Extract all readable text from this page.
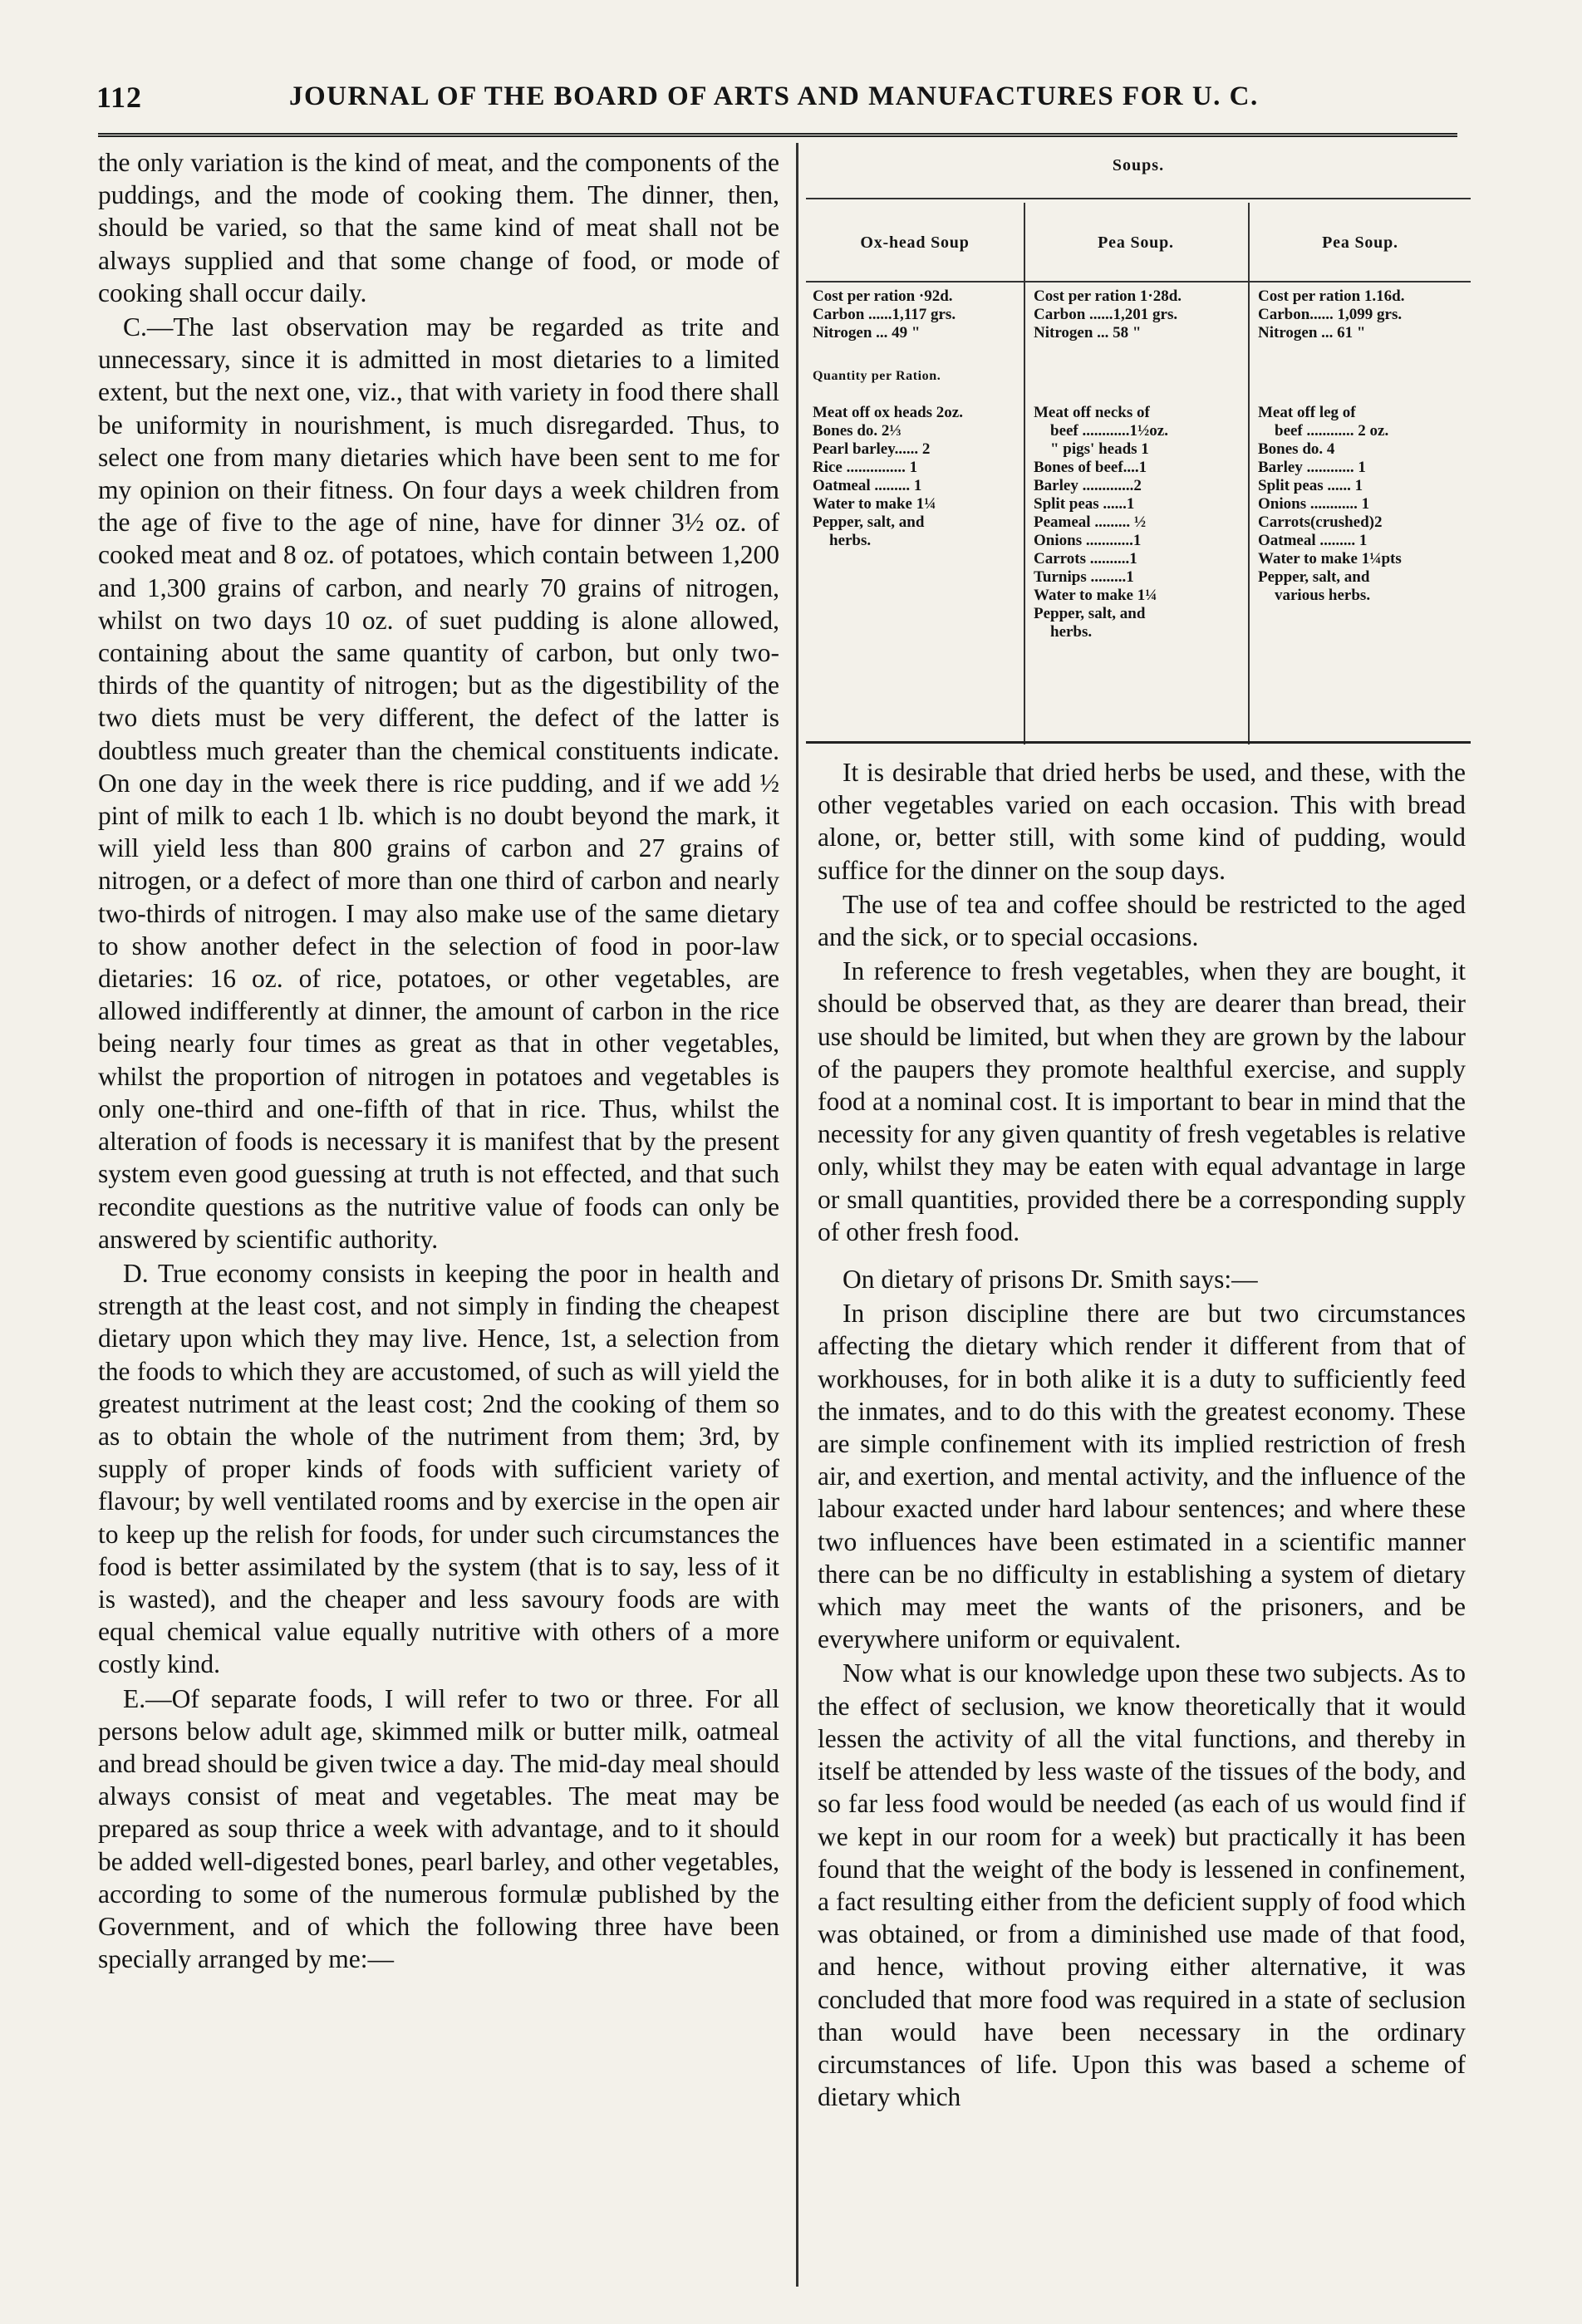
112	JOURNAL OF THE BOARD OF ARTS AND MANUFACTURES FOR U. C.

the only variation is the kind of meat, and the components of the puddings, and the mode of cooking them. The dinner, then, should be varied, so that the same kind of meat shall not be always supplied and that some change of food, or mode of cooking shall occur daily.

C.—The last observation may be regarded as trite and unnecessary, since it is admitted in most dietaries to a limited extent, but the next one, viz., that with variety in food there shall be uniformity in nourishment, is much disregarded. Thus, to select one from many dietaries which have been sent to me for my opinion on their fitness. On four days a week children from the age of five to the age of nine, have for dinner 3½ oz. of cooked meat and 8 oz. of potatoes, which contain between 1,200 and 1,300 grains of carbon, and nearly 70 grains of nitrogen, whilst on two days 10 oz. of suet pudding is alone allowed, containing about the same quantity of carbon, but only two-thirds of the quantity of nitrogen; but as the digestibility of the two diets must be very different, the defect of the latter is doubtless much greater than the chemical constituents indicate. On one day in the week there is rice pudding, and if we add ½ pint of milk to each 1 lb. which is no doubt beyond the mark, it will yield less than 800 grains of carbon and 27 grains of nitrogen, or a defect of more than one third of carbon and nearly two-thirds of nitrogen. I may also make use of the same dietary to show another defect in the selection of food in poor-law dietaries: 16 oz. of rice, potatoes, or other vegetables, are allowed indifferently at dinner, the amount of carbon in the rice being nearly four times as great as that in other vegetables, whilst the proportion of nitrogen in potatoes and vegetables is only one-third and one-fifth of that in rice. Thus, whilst the alteration of foods is necessary it is manifest that by the present system even good guessing at truth is not effected, and that such recondite questions as the nutritive value of foods can only be answered by scientific authority.

D. True economy consists in keeping the poor in health and strength at the least cost, and not simply in finding the cheapest dietary upon which they may live. Hence, 1st, a selection from the foods to which they are accustomed, of such as will yield the greatest nutriment at the least cost; 2nd the cooking of them so as to obtain the whole of the nutriment from them; 3rd, by supply of proper kinds of foods with sufficient variety of flavour; by well ventilated rooms and by exercise in the open air to keep up the relish for foods, for under such circumstances the food is better assimilated by the system (that is to say, less of it is wasted), and the cheaper and less savoury foods are with equal chemical value equally nutritive with others of a more costly kind.

E.—Of separate foods, I will refer to two or three. For all persons below adult age, skimmed milk or butter milk, oatmeal and bread should be given twice a day. The mid-day meal should always consist of meat and vegetables. The meat may be prepared as soup thrice a week with advantage, and to it should be added well-digested bones, pearl barley, and other vegetables, according to some of the numerous formulæ published by the Government, and of which the following three have been specially arranged by me:—

Soups.
Ox-head Soup
Cost per ration ·92d.
Carbon ......1,117 grs.
Nitrogen ... 49 "
Quantity per Ration.
Meat off ox heads 2oz.
Bones do. 2⅓
Pearl barley...... 2
Rice ............... 1
Oatmeal ......... 1
Water to make 1¼
Pepper, salt, and
herbs.
Pea Soup.
Cost per ration 1·28d.
Carbon ......1,201 grs.
Nitrogen ... 58 "
Meat off necks of
beef ............1½oz.
" pigs' heads 1
Bones of beef....1
Barley .............2
Split peas ......1
Peameal ......... ½
Onions ............1
Carrots ..........1
Turnips .........1
Water to make 1¼
Pepper, salt, and
herbs.
Pea Soup.
Cost per ration 1.16d.
Carbon...... 1,099 grs.
Nitrogen ... 61 "
Meat off leg of
beef ............ 2 oz.
Bones do. 4
Barley ............ 1
Split peas ...... 1
Onions ............ 1
Carrots(crushed)2
Oatmeal ......... 1
Water to make 1¼pts
Pepper, salt, and
various herbs.

It is desirable that dried herbs be used, and these, with the other vegetables varied on each occasion. This with bread alone, or, better still, with some kind of pudding, would suffice for the dinner on the soup days.

The use of tea and coffee should be restricted to the aged and the sick, or to special occasions.

In reference to fresh vegetables, when they are bought, it should be observed that, as they are dearer than bread, their use should be limited, but when they are grown by the labour of the paupers they promote healthful exercise, and supply food at a nominal cost. It is important to bear in mind that the necessity for any given quantity of fresh vegetables is relative only, whilst they may be eaten with equal advantage in large or small quantities, provided there be a corresponding supply of other fresh food.

On dietary of prisons Dr. Smith says:—

In prison discipline there are but two circumstances affecting the dietary which render it different from that of workhouses, for in both alike it is a duty to sufficiently feed the inmates, and to do this with the greatest economy. These are simple confinement with its implied restriction of fresh air, and exertion, and mental activity, and the influence of the labour exacted under hard labour sentences; and where these two influences have been estimated in a scientific manner there can be no difficulty in establishing a system of dietary which may meet the wants of the prisoners, and be everywhere uniform or equivalent.

Now what is our knowledge upon these two subjects. As to the effect of seclusion, we know theoretically that it would lessen the activity of all the vital functions, and thereby in itself be attended by less waste of the tissues of the body, and so far less food would be needed (as each of us would find if we kept in our room for a week) but practically it has been found that the weight of the body is lessened in confinement, a fact resulting either from the deficient supply of food which was obtained, or from a diminished use made of that food, and hence, without proving either alternative, it was concluded that more food was required in a state of seclusion than would have been necessary in the ordinary circumstances of life. Upon this was based a scheme of dietary which
